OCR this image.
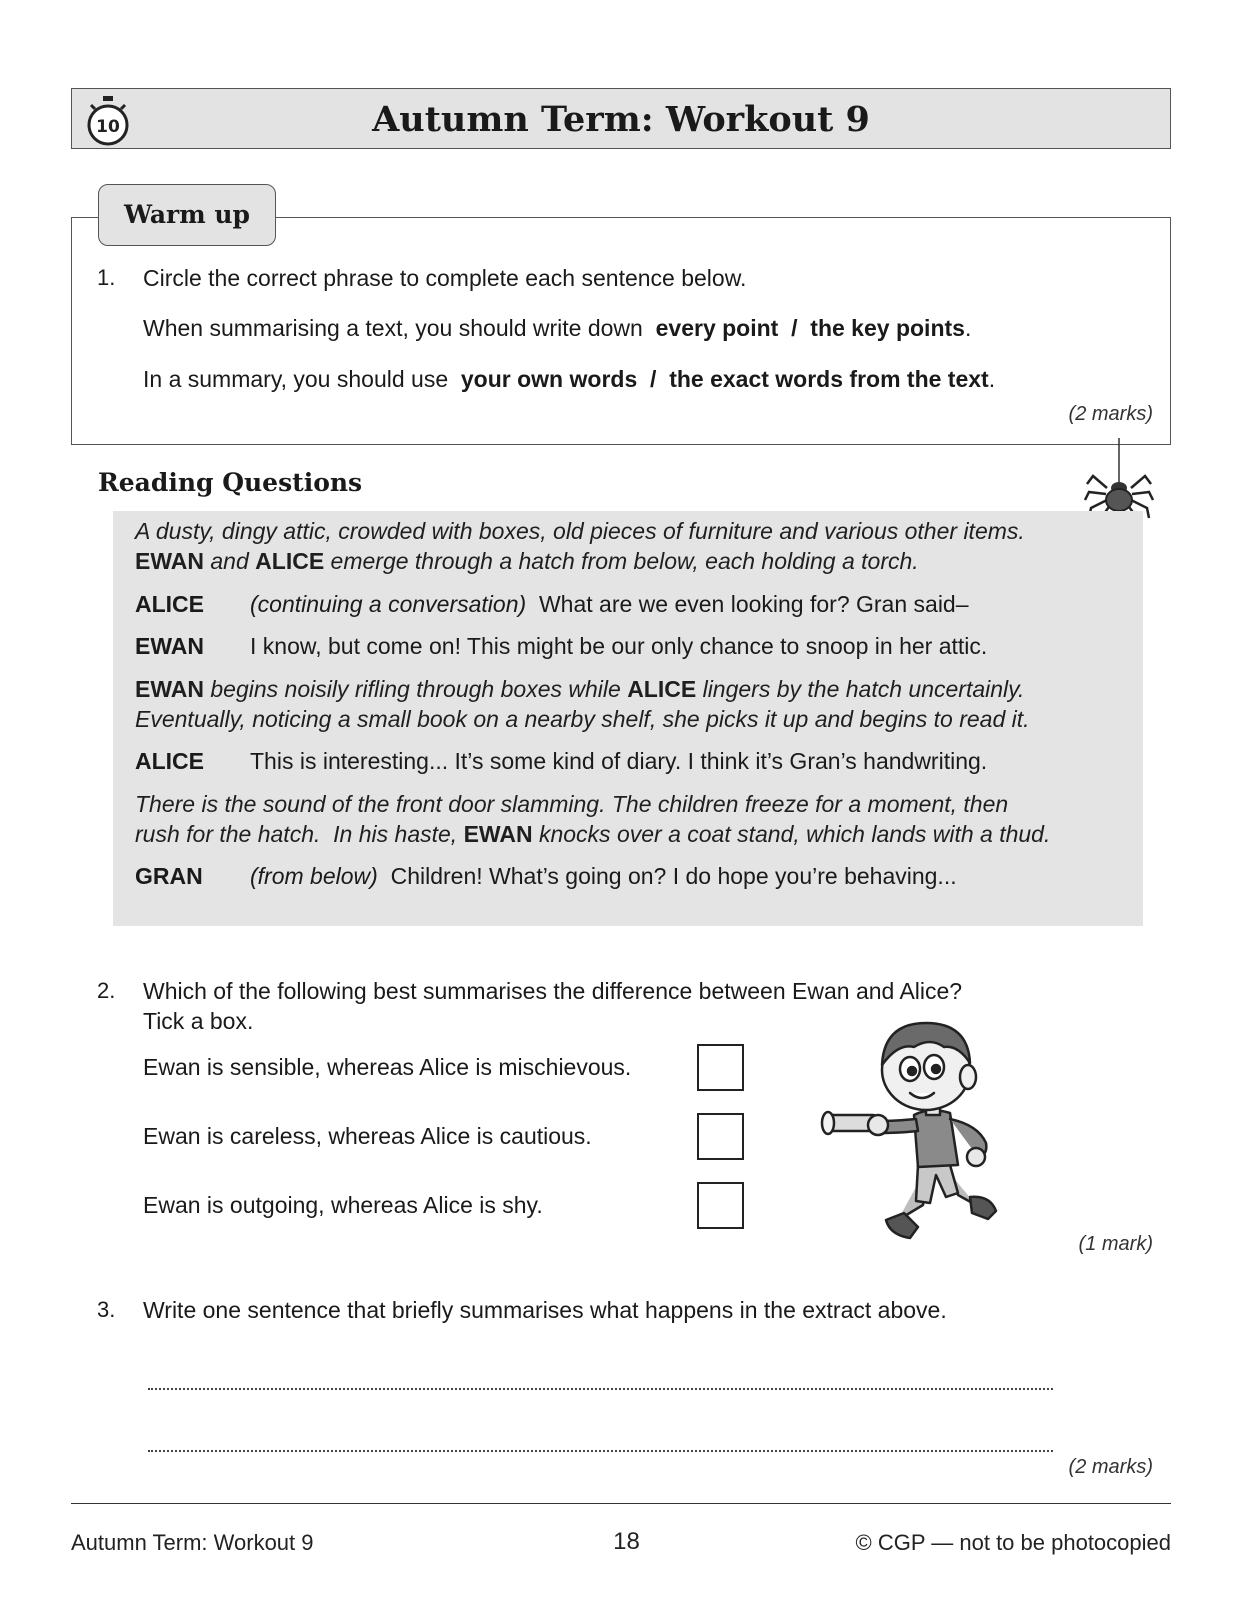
10	Autumn Term: Workout 9
Warm up
1. Circle the correct phrase to complete each sentence below.
When summarising a text, you should write down every point / the key points.
In a summary, you should use your own words / the exact words from the text.
(2 marks)
Reading Questions
A dusty, dingy attic, crowded with boxes, old pieces of furniture and various other items.
EWAN and ALICE emerge through a hatch from below, each holding a torch.
ALICE (continuing a conversation) What are we even looking for? Gran said–
EWAN I know, but come on! This might be our only chance to snoop in her attic.
EWAN begins noisily rifling through boxes while ALICE lingers by the hatch uncertainly.
Eventually, noticing a small book on a nearby shelf, she picks it up and begins to read it.
ALICE This is interesting... It’s some kind of diary. I think it’s Gran’s handwriting.
There is the sound of the front door slamming. The children freeze for a moment, then
rush for the hatch.  In his haste, EWAN knocks over a coat stand, which lands with a thud.
GRAN (from below) Children! What’s going on? I do hope you’re behaving...
2. Which of the following best summarises the difference between Ewan and Alice?
Tick a box.
Ewan is sensible, whereas Alice is mischievous.
Ewan is careless, whereas Alice is cautious.
Ewan is outgoing, whereas Alice is shy.
(1 mark)
3. Write one sentence that briefly summarises what happens in the extract above.
(2 marks)
Autumn Term: Workout 9	18	© CGP — not to be photocopied
